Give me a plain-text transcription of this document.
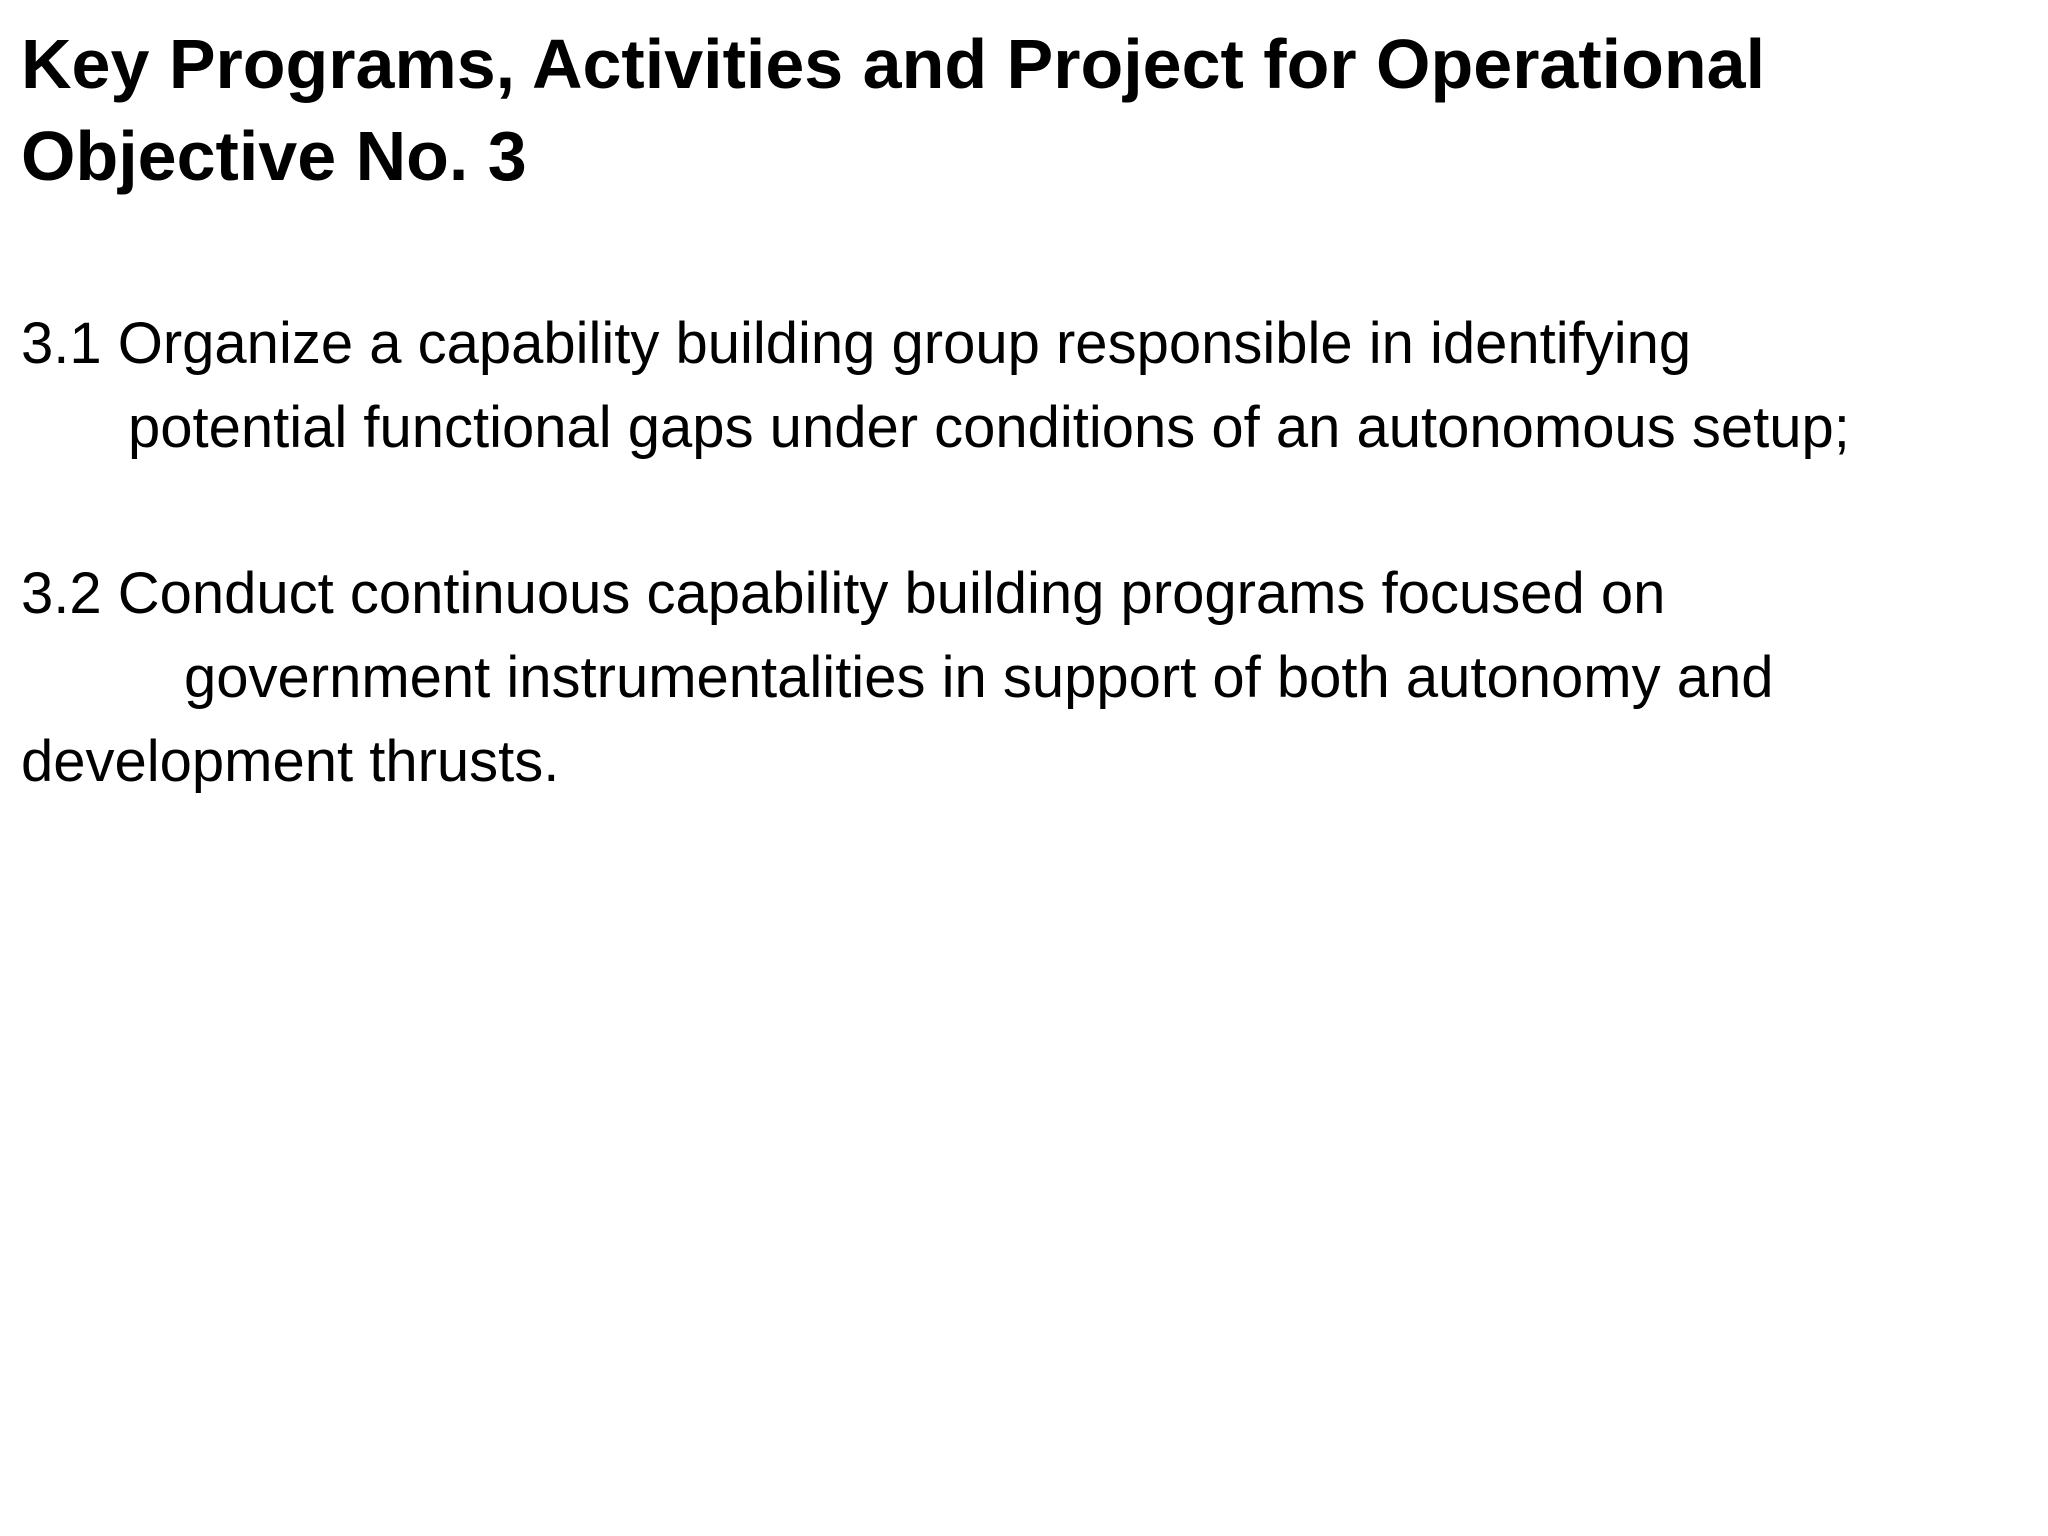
Key Programs, Activities and Project for Operational Objective No. 3

3.1 Organize a capability building group responsible in identifying

potential functional gaps under conditions of an autonomous setup;

3.2 Conduct continuous capability building programs focused on

government instrumentalities in support of both autonomy and

development thrusts.
